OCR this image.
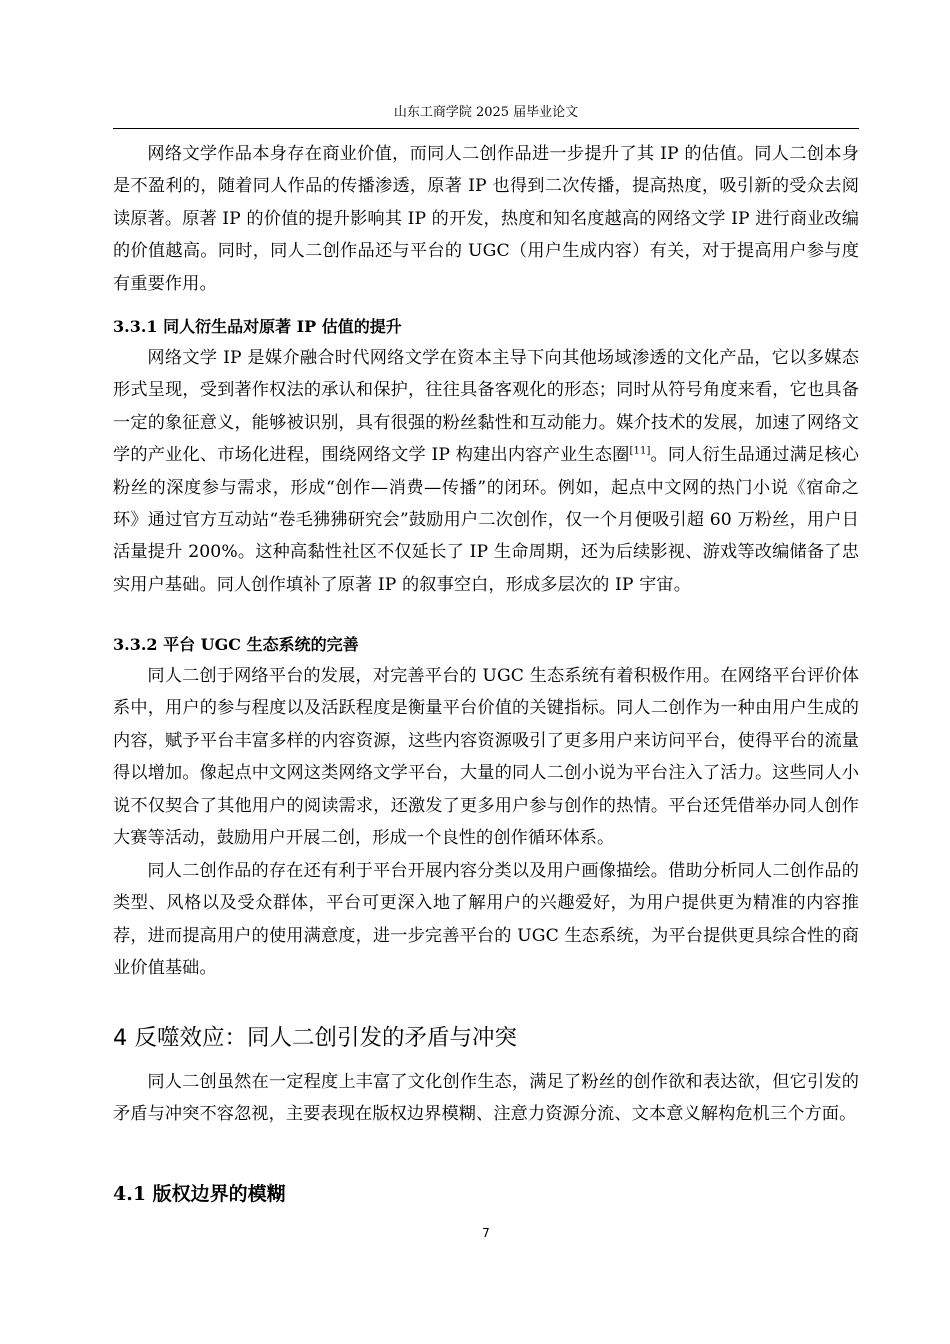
山东工商学院 2025 届毕业论文

网络文学作品本身存在商业价值，而同人二创作品进一步提升了其 IP 的估值。同人二创本身是不盈利的，随着同人作品的传播渗透，原著 IP 也得到二次传播，提高热度，吸引新的受众去阅读原著。原著 IP 的价值的提升影响其 IP 的开发，热度和知名度越高的网络文学 IP 进行商业改编的价值越高。同时，同人二创作品还与平台的 UGC（用户生成内容）有关，对于提高用户参与度有重要作用。

3.3.1 同人衍生品对原著 IP 估值的提升

网络文学 IP 是媒介融合时代网络文学在资本主导下向其他场域渗透的文化产品，它以多媒态形式呈现，受到著作权法的承认和保护，往往具备客观化的形态；同时从符号角度来看，它也具备一定的象征意义，能够被识别，具有很强的粉丝黏性和互动能力。媒介技术的发展，加速了网络文学的产业化、市场化进程，围绕网络文学 IP 构建出内容产业生态圈[11]。同人衍生品通过满足核心粉丝的深度参与需求，形成“创作—消费—传播”的闭环。例如，起点中文网的热门小说《宿命之环》通过官方互动站“卷毛狒狒研究会”鼓励用户二次创作，仅一个月便吸引超 60 万粉丝，用户日活量提升 200%。这种高黏性社区不仅延长了 IP 生命周期，还为后续影视、游戏等改编储备了忠实用户基础。同人创作填补了原著 IP 的叙事空白，形成多层次的 IP 宇宙。

3.3.2 平台 UGC 生态系统的完善

同人二创于网络平台的发展，对完善平台的 UGC 生态系统有着积极作用。在网络平台评价体系中，用户的参与程度以及活跃程度是衡量平台价值的关键指标。同人二创作为一种由用户生成的内容，赋予平台丰富多样的内容资源，这些内容资源吸引了更多用户来访问平台，使得平台的流量得以增加。像起点中文网这类网络文学平台，大量的同人二创小说为平台注入了活力。这些同人小说不仅契合了其他用户的阅读需求，还激发了更多用户参与创作的热情。平台还凭借举办同人创作大赛等活动，鼓励用户开展二创，形成一个良性的创作循环体系。

同人二创作品的存在还有利于平台开展内容分类以及用户画像描绘。借助分析同人二创作品的类型、风格以及受众群体，平台可更深入地了解用户的兴趣爱好，为用户提供更为精准的内容推荐，进而提高用户的使用满意度，进一步完善平台的 UGC 生态系统，为平台提供更具综合性的商业价值基础。

4 反噬效应：同人二创引发的矛盾与冲突

同人二创虽然在一定程度上丰富了文化创作生态，满足了粉丝的创作欲和表达欲，但它引发的矛盾与冲突不容忽视，主要表现在版权边界模糊、注意力资源分流、文本意义解构危机三个方面。

4.1 版权边界的模糊
7
